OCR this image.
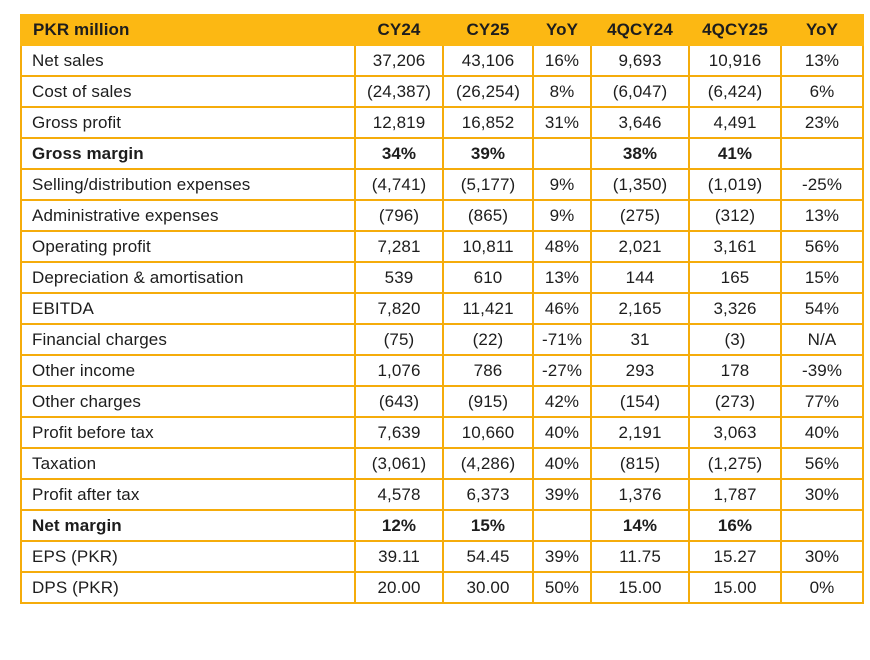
PKR million	CY24	CY25	YoY	4QCY24	4QCY25	YoY
Net sales	37,206	43,106	16%	9,693	10,916	13%
Cost of sales	(24,387)	(26,254)	8%	(6,047)	(6,424)	6%
Gross profit	12,819	16,852	31%	3,646	4,491	23%
Gross margin	34%	39%		38%	41%	
Selling/distribution expenses	(4,741)	(5,177)	9%	(1,350)	(1,019)	-25%
Administrative expenses	(796)	(865)	9%	(275)	(312)	13%
Operating profit	7,281	10,811	48%	2,021	3,161	56%
Depreciation & amortisation	539	610	13%	144	165	15%
EBITDA	7,820	11,421	46%	2,165	3,326	54%
Financial charges	(75)	(22)	-71%	31	(3)	N/A
Other income	1,076	786	-27%	293	178	-39%
Other charges	(643)	(915)	42%	(154)	(273)	77%
Profit before tax	7,639	10,660	40%	2,191	3,063	40%
Taxation	(3,061)	(4,286)	40%	(815)	(1,275)	56%
Profit after tax	4,578	6,373	39%	1,376	1,787	30%
Net margin	12%	15%		14%	16%	
EPS (PKR)	39.11	54.45	39%	11.75	15.27	30%
DPS (PKR)	20.00	30.00	50%	15.00	15.00	0%
